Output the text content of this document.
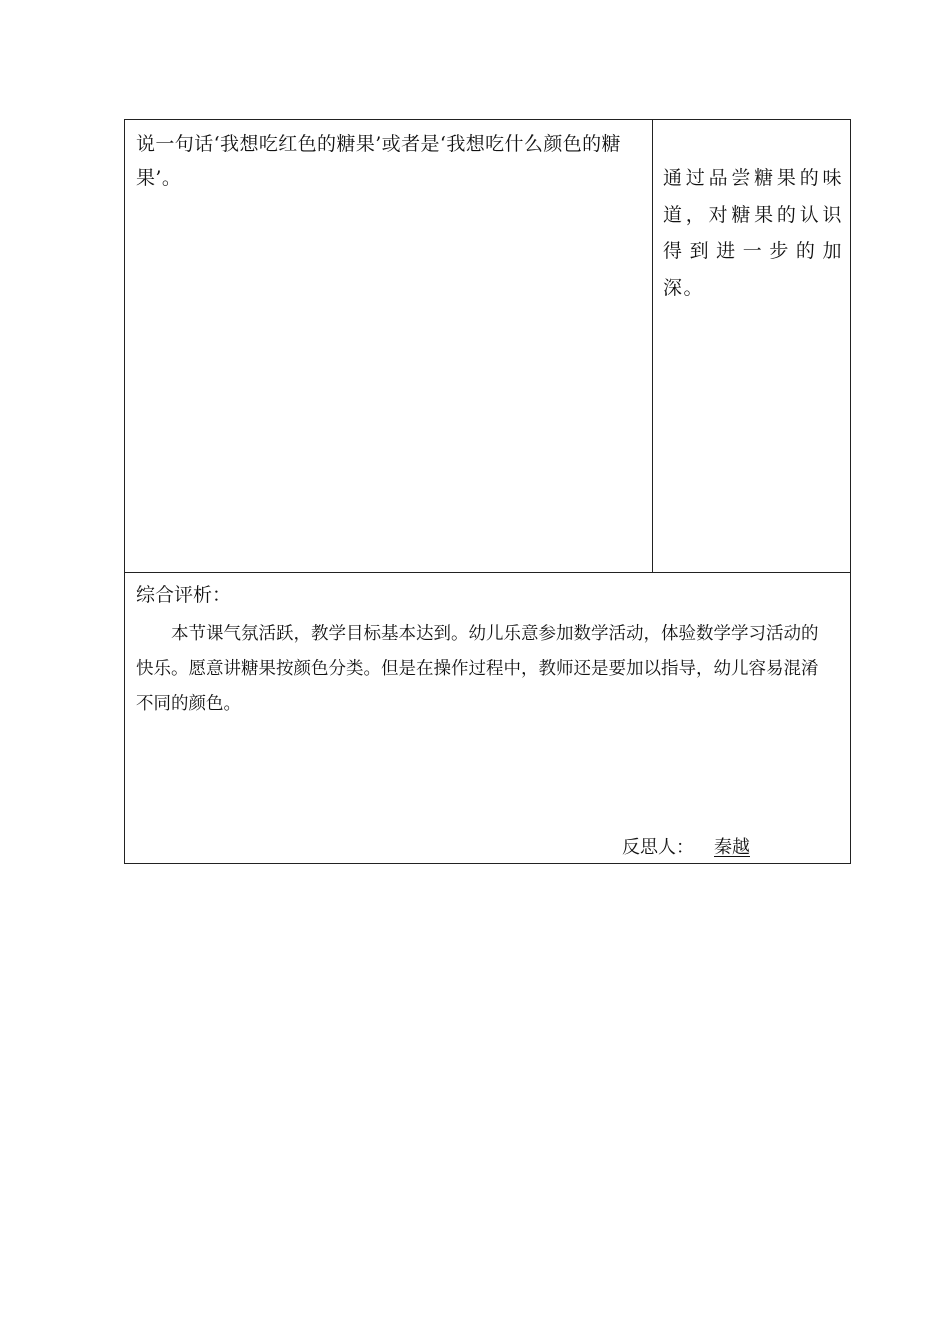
说一句话‘我想吃红色的糖果’或者是‘我想吃什么颜色的糖果’。	通过品尝糖果的味道，对糖果的认识得到进一步的加深。

综合评析：

本节课气氛活跃，教学目标基本达到。幼儿乐意参加数学活动，体验数学学习活动的快乐。愿意讲糖果按颜色分类。但是在操作过程中，教师还是要加以指导，幼儿容易混淆不同的颜色。

反思人： 秦越
